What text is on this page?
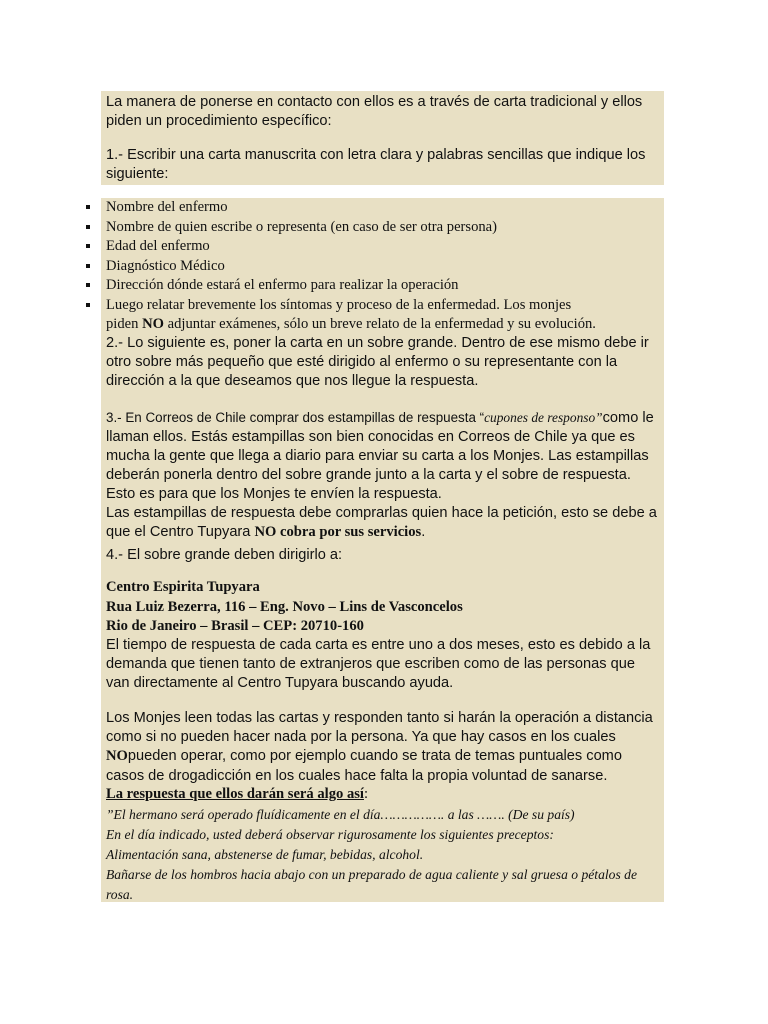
La manera de ponerse en contacto con ellos es a través de carta tradicional y ellos piden un procedimiento específico:

1.- Escribir una carta manuscrita con letra clara y palabras sencillas que indique los siguiente:

Nombre del enfermo
Nombre de quien escribe o representa (en caso de ser otra persona)
Edad del enfermo
Diagnóstico Médico
Dirección dónde estará el enfermo para realizar la operación
Luego relatar brevemente los síntomas y proceso de la enfermedad. Los monjes
piden NO adjuntar exámenes, sólo un breve relato de la enfermedad y su evolución.

2.- Lo siguiente es, poner la carta en un sobre grande. Dentro de ese mismo debe ir otro sobre más pequeño que esté dirigido al enfermo o su representante con la dirección a la que deseamos que nos llegue la respuesta.

3.- En Correos de Chile comprar dos estampillas de respuesta “cupones de responso”como le llaman ellos. Estás estampillas son bien conocidas en Correos de Chile ya que es mucha la gente que llega a diario para enviar su carta a los Monjes. Las estampillas deberán ponerla dentro del sobre grande junto a la carta y el sobre de respuesta. Esto es para que los Monjes te envíen la respuesta.
Las estampillas de respuesta debe comprarlas quien hace la petición, esto se debe a que el Centro Tupyara NO cobra por sus servicios.

4.- El sobre grande deben dirigirlo a:

Centro Espirita Tupyara

Rua Luiz Bezerra, 116 – Eng. Novo – Lins de Vasconcelos

Rio de Janeiro – Brasil – CEP: 20710-160

El tiempo de respuesta de cada carta es entre uno a dos meses, esto es debido a la demanda que tienen tanto de extranjeros que escriben como de las personas que van directamente al Centro Tupyara buscando ayuda.

Los Monjes leen todas las cartas y responden tanto si harán la operación a distancia como si no pueden hacer nada por la persona. Ya que hay casos en los cuales NOpueden operar, como por ejemplo cuando se trata de temas puntuales como casos de drogadicción en los cuales hace falta la propia voluntad de sanarse.

La respuesta que ellos darán será algo así:

”El hermano será operado fluídicamente en el día……………. a las ……. (De su país)

En el día indicado, usted deberá observar rigurosamente los siguientes preceptos:

Alimentación sana, abstenerse de fumar, bebidas, alcohol.

Bañarse de los hombros hacia abajo con un preparado de agua caliente y sal gruesa o pétalos de rosa.
